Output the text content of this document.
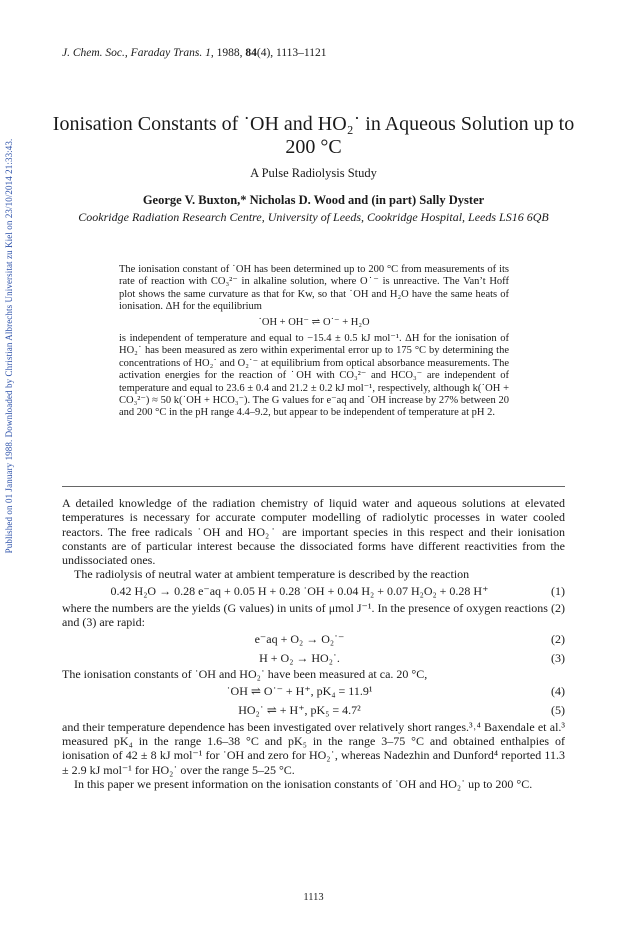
Published on 01 January 1988. Downloaded by Christian Albrechts Universitat zu Kiel on 23/10/2014 21:33:43.
J. Chem. Soc., Faraday Trans. 1, 1988, 84(4), 1113–1121
Ionisation Constants of ˙OH and HO₂˙ in Aqueous Solution up to 200 °C
A Pulse Radiolysis Study
George V. Buxton,* Nicholas D. Wood and (in part) Sally Dyster
Cookridge Radiation Research Centre, University of Leeds, Cookridge Hospital, Leeds LS16 6QB

The ionisation constant of ˙OH has been determined up to 200 °C from measurements of its rate of reaction with CO₃²⁻ in alkaline solution, where O˙⁻ is unreactive. The Van’t Hoff plot shows the same curvature as that for Kw, so that ˙OH and H₂O have the same heats of ionisation. ΔH for the equilibrium

˙OH + OH⁻ ⇌ O˙⁻ + H₂O

is independent of temperature and equal to −15.4 ± 0.5 kJ mol⁻¹. ΔH for the ionisation of HO₂˙ has been measured as zero within experimental error up to 175 °C by determining the concentrations of HO₂˙ and O₂˙⁻ at equilibrium from optical absorbance measurements. The activation energies for the reaction of ˙OH with CO₃²⁻ and HCO₃⁻ are independent of temperature and equal to 23.6 ± 0.4 and 21.2 ± 0.2 kJ mol⁻¹, respectively, although k(˙OH + CO₃²⁻) ≈ 50 k(˙OH + HCO₃⁻). The G values for e⁻aq and ˙OH increase by 27% between 20 and 200 °C in the pH range 4.4–9.2, but appear to be independent of temperature at pH 2.

A detailed knowledge of the radiation chemistry of liquid water and aqueous solutions at elevated temperatures is necessary for accurate computer modelling of radiolytic processes in water cooled reactors. The free radicals ˙OH and HO₂˙ are important species in this respect and their ionisation constants are of particular interest because the dissociated forms have different reactivities from the undissociated ones.

The radiolysis of neutral water at ambient temperature is described by the reaction

0.42 H₂O → 0.28 e⁻aq + 0.05 H + 0.28 ˙OH + 0.04 H₂ + 0.07 H₂O₂ + 0.28 H⁺	(1)

where the numbers are the yields (G values) in units of μmol J⁻¹. In the presence of oxygen reactions (2) and (3) are rapid:

e⁻aq + O₂ → O₂˙⁻	(2)
H + O₂ → HO₂˙.	(3)

The ionisation constants of ˙OH and HO₂˙ have been measured at ca. 20 °C,

˙OH ⇌ O˙⁻ + H⁺, pK₄ = 11.9¹	(4)
HO₂˙ ⇌ + H⁺, pK₅ = 4.7²	(5)

and their temperature dependence has been investigated over relatively short ranges.³˒⁴ Baxendale et al.³ measured pK₄ in the range 1.6–38 °C and pK₅ in the range 3–75 °C and obtained enthalpies of ionisation of 42 ± 8 kJ mol⁻¹ for ˙OH and zero for HO₂˙, whereas Nadezhin and Dunford⁴ reported 11.3 ± 2.9 kJ mol⁻¹ for HO₂˙ over the range 5–25 °C.

In this paper we present information on the ionisation constants of ˙OH and HO₂˙ up to 200 °C.

1113
